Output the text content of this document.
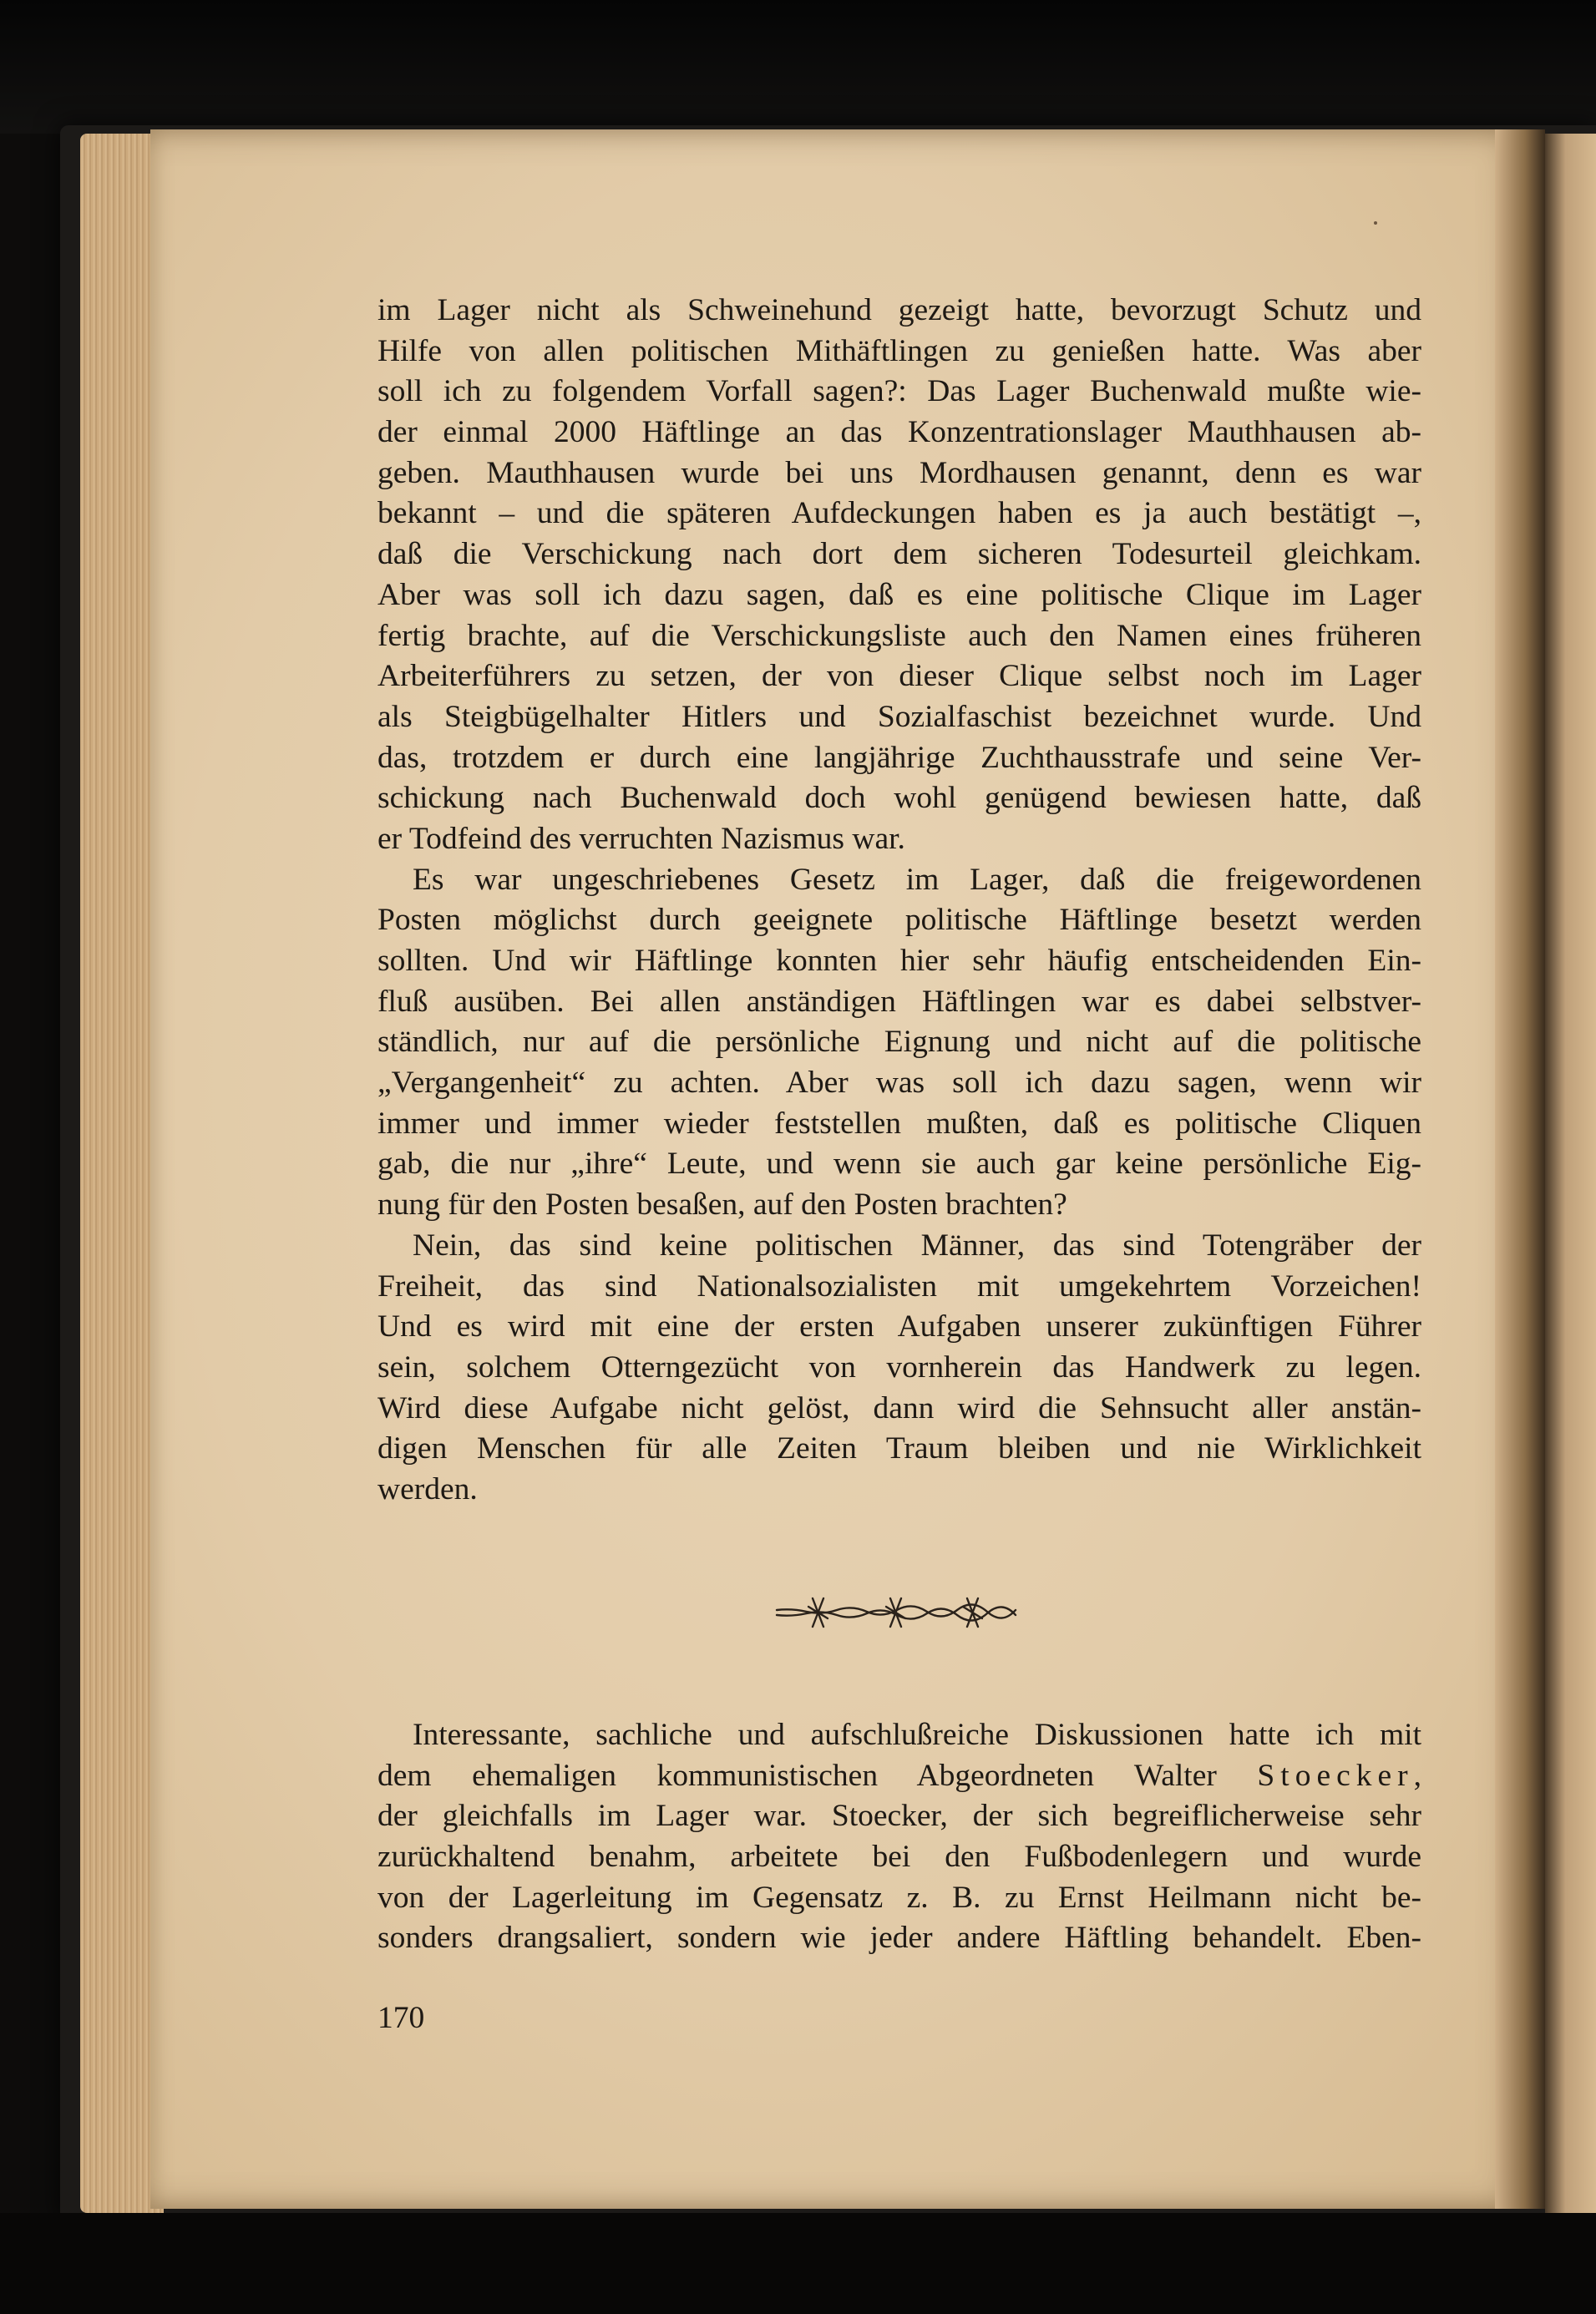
im Lager nicht als Schweinehund gezeigt hatte, bevorzugt Schutz und
Hilfe von allen politischen Mithäftlingen zu genießen hatte. Was aber
soll ich zu folgendem Vorfall sagen?: Das Lager Buchenwald mußte wie-
der einmal 2000 Häftlinge an das Konzentrationslager Mauthhausen ab-
geben. Mauthhausen wurde bei uns Mordhausen genannt, denn es war
bekannt – und die späteren Aufdeckungen haben es ja auch bestätigt –,
daß die Verschickung nach dort dem sicheren Todesurteil gleichkam.
Aber was soll ich dazu sagen, daß es eine politische Clique im Lager
fertig brachte, auf die Verschickungsliste auch den Namen eines früheren
Arbeiterführers zu setzen, der von dieser Clique selbst noch im Lager
als Steigbügelhalter Hitlers und Sozialfaschist bezeichnet wurde. Und
das, trotzdem er durch eine langjährige Zuchthausstrafe und seine Ver-
schickung nach Buchenwald doch wohl genügend bewiesen hatte, daß
er Todfeind des verruchten Nazismus war.
Es war ungeschriebenes Gesetz im Lager, daß die freigewordenen
Posten möglichst durch geeignete politische Häftlinge besetzt werden
sollten. Und wir Häftlinge konnten hier sehr häufig entscheidenden Ein-
fluß ausüben. Bei allen anständigen Häftlingen war es dabei selbstver-
ständlich, nur auf die persönliche Eignung und nicht auf die politische
„Vergangenheit“ zu achten. Aber was soll ich dazu sagen, wenn wir
immer und immer wieder feststellen mußten, daß es politische Cliquen
gab, die nur „ihre“ Leute, und wenn sie auch gar keine persönliche Eig-
nung für den Posten besaßen, auf den Posten brachten?
Nein, das sind keine politischen Männer, das sind Totengräber der
Freiheit, das sind Nationalsozialisten mit umgekehrtem Vorzeichen!
Und es wird mit eine der ersten Aufgaben unserer zukünftigen Führer
sein, solchem Otterngezücht von vornherein das Handwerk zu legen.
Wird diese Aufgabe nicht gelöst, dann wird die Sehnsucht aller anstän-
digen Menschen für alle Zeiten Traum bleiben und nie Wirklichkeit
werden.
Interessante, sachliche und aufschlußreiche Diskussionen hatte ich mit
dem ehemaligen kommunistischen Abgeordneten Walter Stoecker,
der gleichfalls im Lager war. Stoecker, der sich begreiflicherweise sehr
zurückhaltend benahm, arbeitete bei den Fußbodenlegern und wurde
von der Lagerleitung im Gegensatz z. B. zu Ernst Heilmann nicht be-
sonders drangsaliert, sondern wie jeder andere Häftling behandelt. Eben-
170
